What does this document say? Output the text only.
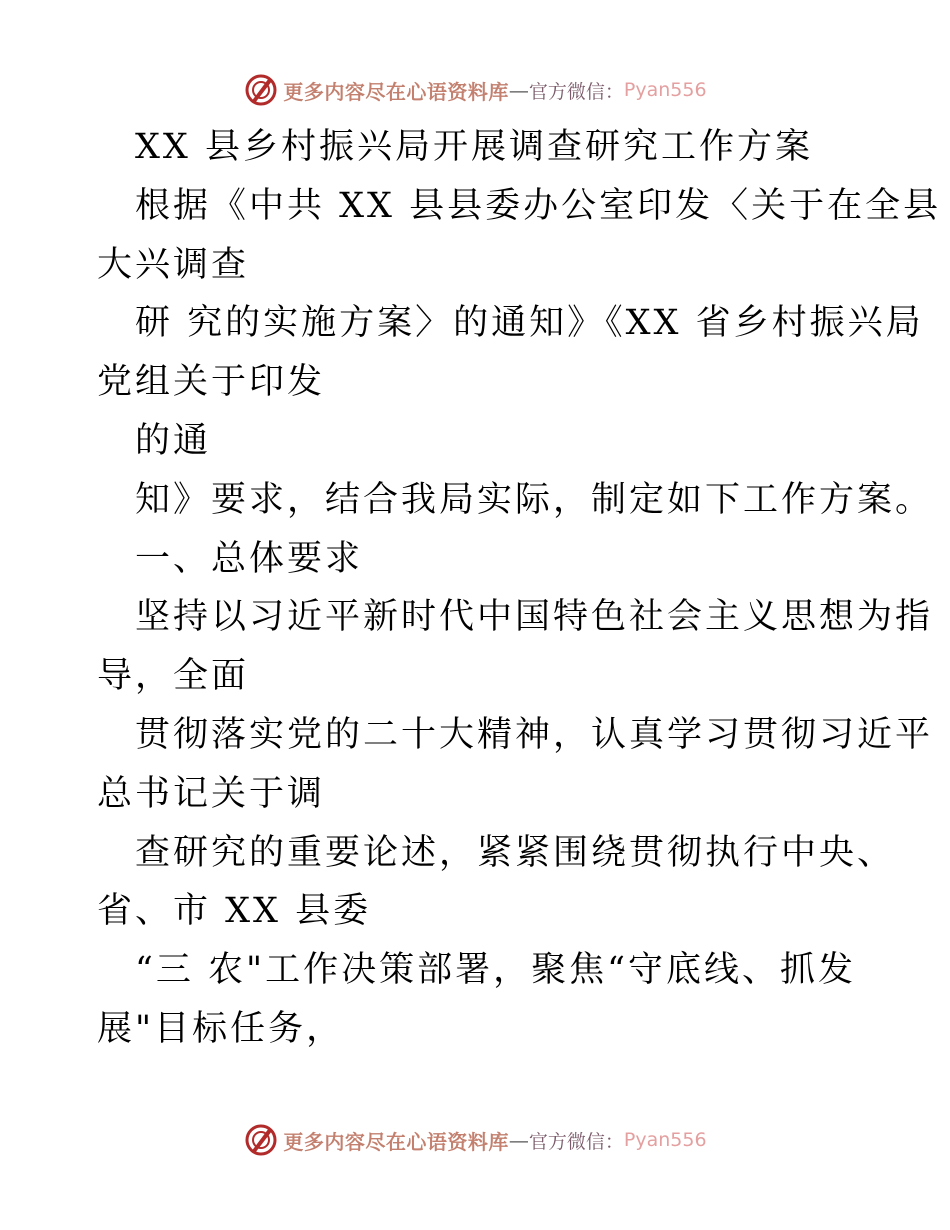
更多内容尽在心语资料库 — 官方微信： Pyan556
XX 县乡村振兴局开展调查研究工作方案
根据《中共 XX 县县委办公室印发〈关于在全县
大兴调查
研 究的实施方案〉的通知》《XX 省乡村振兴局
党组关于印发
的通
知》要求，结合我局实际，制定如下工作方案。
一、总体要求
坚持以习近平新时代中国特色社会主义思想为指
导，全面
贯彻落实党的二十大精神，认真学习贯彻习近平
总书记关于调
查研究的重要论述，紧紧围绕贯彻执行中央、
省、市 XX 县委
“三 农"工作决策部署，聚焦“守底线、抓发
展"目标任务，
更多内容尽在心语资料库 — 官方微信： Pyan556
